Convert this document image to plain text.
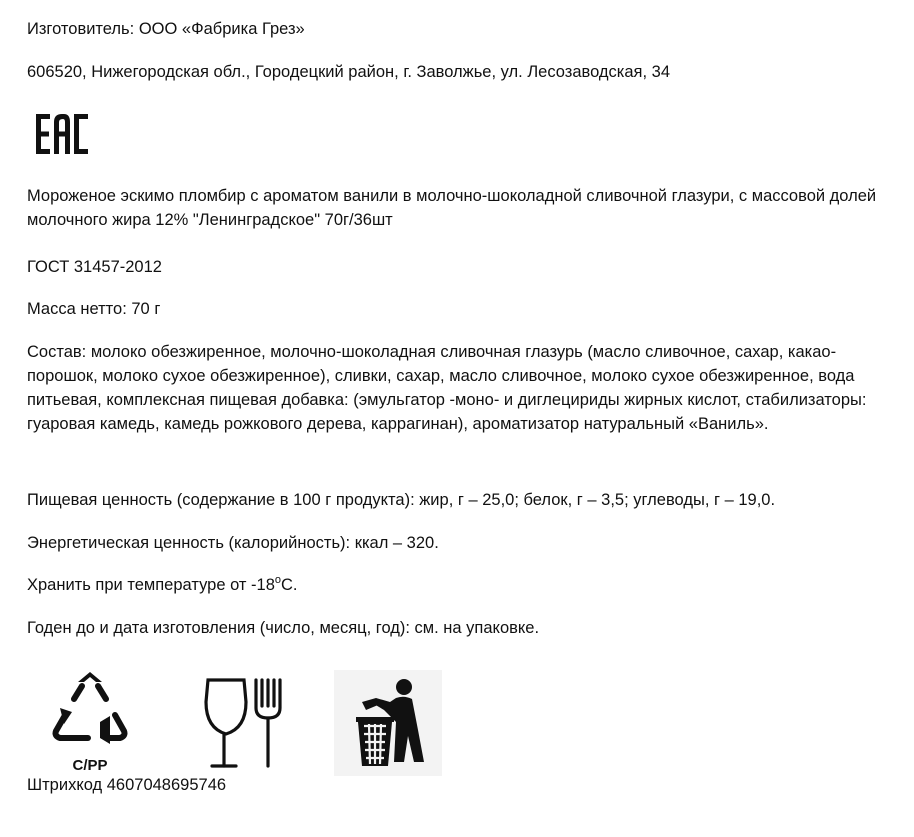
Изготовитель: ООО «Фабрика Грез»

606520, Нижегородская обл., Городецкий район, г. Заволжье, ул. Лесозаводская, 34

Мороженое эскимо пломбир с ароматом ванили в молочно-шоколадной сливочной глазури, с массовой долей молочного жира 12% "Ленинградское" 70г/36шт

ГОСТ 31457-2012

Масса нетто: 70 г

Состав: молоко обезжиренное, молочно-шоколадная сливочная глазурь (масло сливочное, сахар, какао-порошок, молоко сухое обезжиренное), сливки, сахар, масло сливочное, молоко сухое обезжиренное, вода питьевая, комплексная пищевая добавка: (эмульгатор -моно- и диглецириды жирных кислот, стабилизаторы: гуаровая камедь, камедь рожкового дерева, каррагинан), ароматизатор натуральный «Ваниль».

Пищевая ценность (содержание в 100 г продукта): жир, г – 25,0; белок, г – 3,5; углеводы, г – 19,0.

Энергетическая ценность (калорийность): ккал – 320.

Хранить при температуре от $-18^оС$.

Годен до и дата изготовления (число, месяц, год): см. на упаковке.

C/PP

Штрихкод 4607048695746
